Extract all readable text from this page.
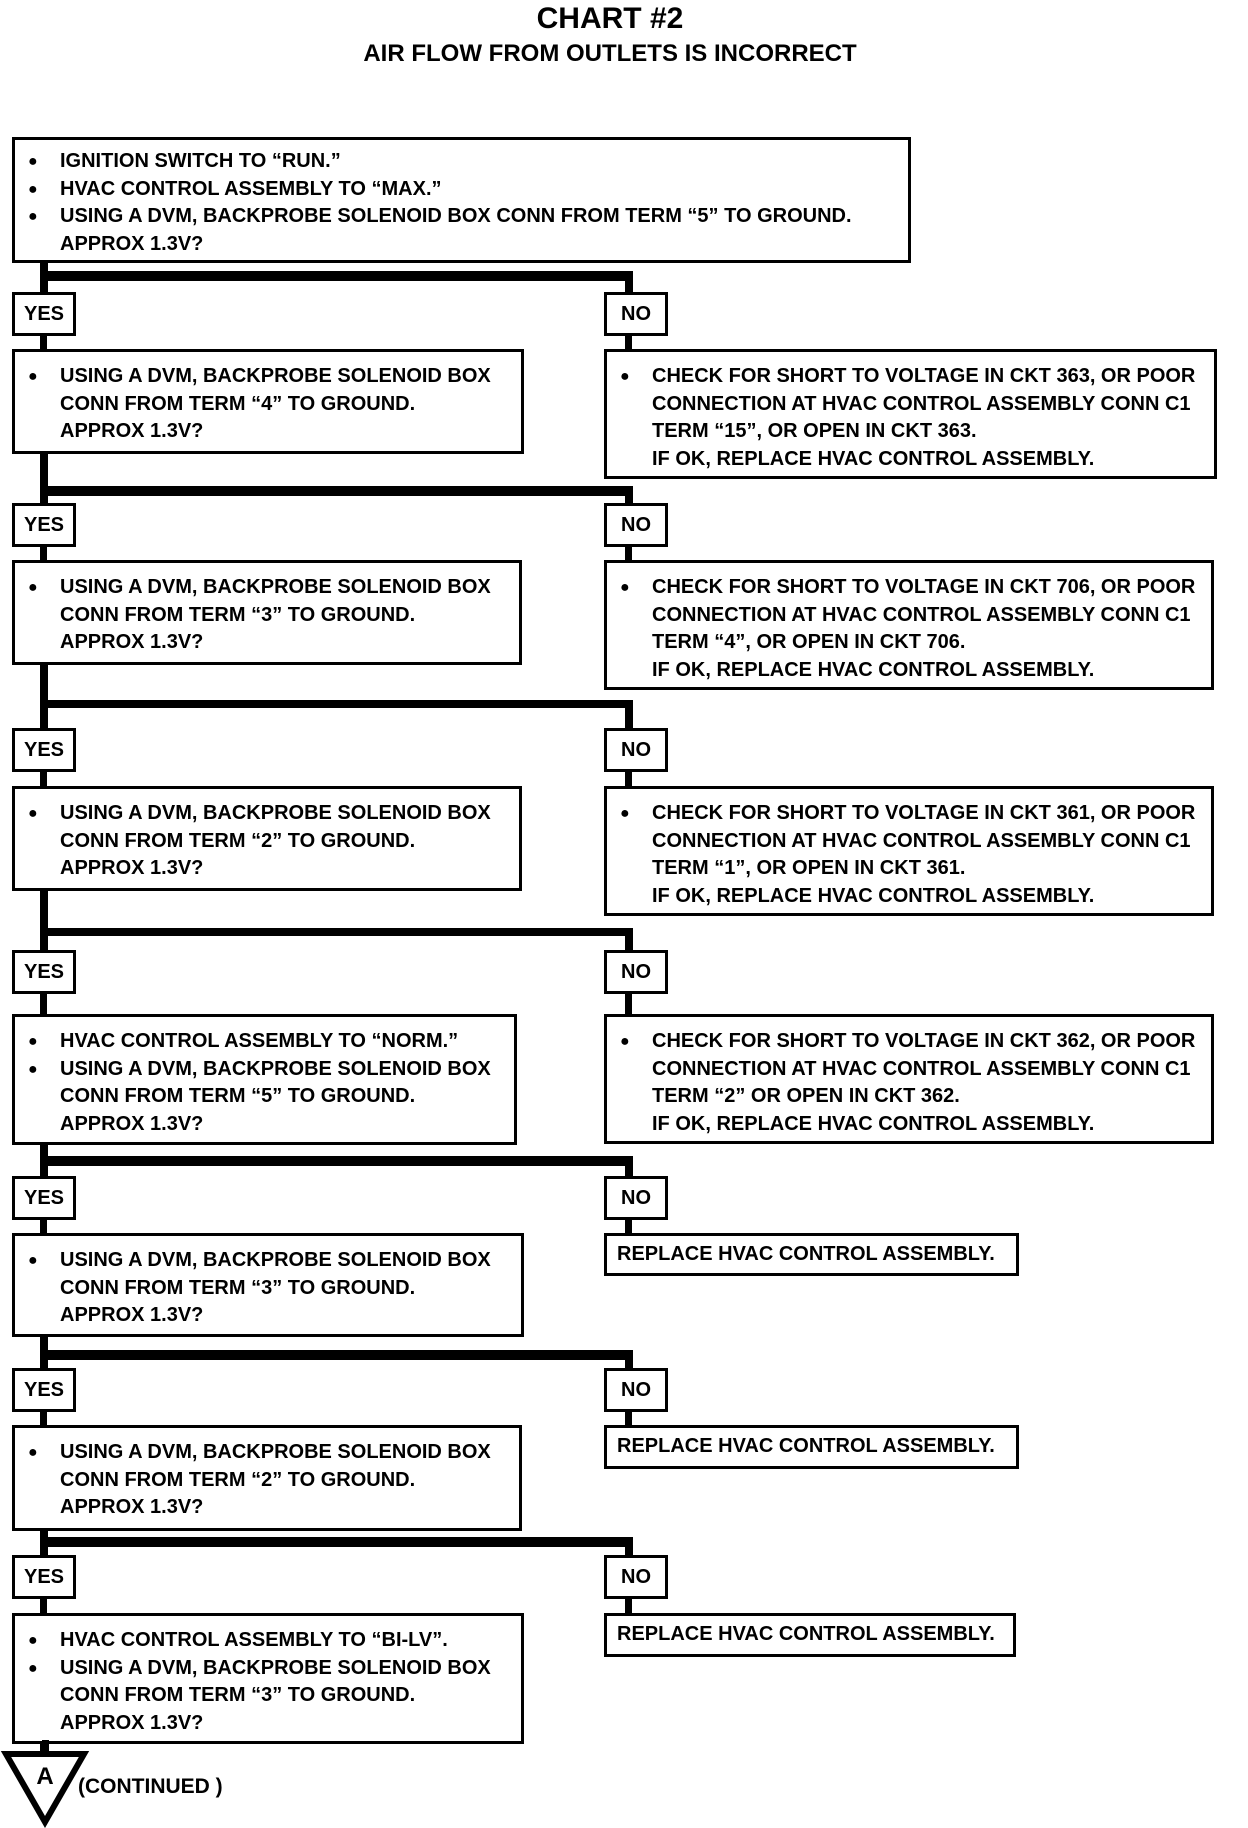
CHART #2
AIR FLOW FROM OUTLETS IS INCORRECT
● IGNITION SWITCH TO “RUN.”
● HVAC CONTROL ASSEMBLY TO “MAX.”
● USING A DVM, BACKPROBE SOLENOID BOX CONN FROM TERM “5” TO GROUND.
APPROX 1.3V?
YES	NO
● USING A DVM, BACKPROBE SOLENOID BOX
CONN FROM TERM “4” TO GROUND.
APPROX 1.3V?
● CHECK FOR SHORT TO VOLTAGE IN CKT 363, OR POOR
CONNECTION AT HVAC CONTROL ASSEMBLY CONN C1
TERM “15”, OR OPEN IN CKT 363.
IF OK, REPLACE HVAC CONTROL ASSEMBLY.
YES	NO
● USING A DVM, BACKPROBE SOLENOID BOX
CONN FROM TERM “3” TO GROUND.
APPROX 1.3V?
● CHECK FOR SHORT TO VOLTAGE IN CKT 706, OR POOR
CONNECTION AT HVAC CONTROL ASSEMBLY CONN C1
TERM “4”, OR OPEN IN CKT 706.
IF OK, REPLACE HVAC CONTROL ASSEMBLY.
YES	NO
● USING A DVM, BACKPROBE SOLENOID BOX
CONN FROM TERM “2” TO GROUND.
APPROX 1.3V?
● CHECK FOR SHORT TO VOLTAGE IN CKT 361, OR POOR
CONNECTION AT HVAC CONTROL ASSEMBLY CONN C1
TERM “1”, OR OPEN IN CKT 361.
IF OK, REPLACE HVAC CONTROL ASSEMBLY.
YES	NO
● HVAC CONTROL ASSEMBLY TO “NORM.”
● USING A DVM, BACKPROBE SOLENOID BOX
CONN FROM TERM “5” TO GROUND.
APPROX 1.3V?
● CHECK FOR SHORT TO VOLTAGE IN CKT 362, OR POOR
CONNECTION AT HVAC CONTROL ASSEMBLY CONN C1
TERM “2” OR OPEN IN CKT 362.
IF OK, REPLACE HVAC CONTROL ASSEMBLY.
YES	NO
● USING A DVM, BACKPROBE SOLENOID BOX
CONN FROM TERM “3” TO GROUND.
APPROX 1.3V?
REPLACE HVAC CONTROL ASSEMBLY.
YES	NO
● USING A DVM, BACKPROBE SOLENOID BOX
CONN FROM TERM “2” TO GROUND.
APPROX 1.3V?
REPLACE HVAC CONTROL ASSEMBLY.
YES	NO
● HVAC CONTROL ASSEMBLY TO “BI-LV”.
● USING A DVM, BACKPROBE SOLENOID BOX
CONN FROM TERM “3” TO GROUND.
APPROX 1.3V?
REPLACE HVAC CONTROL ASSEMBLY.
A (CONTINUED )
